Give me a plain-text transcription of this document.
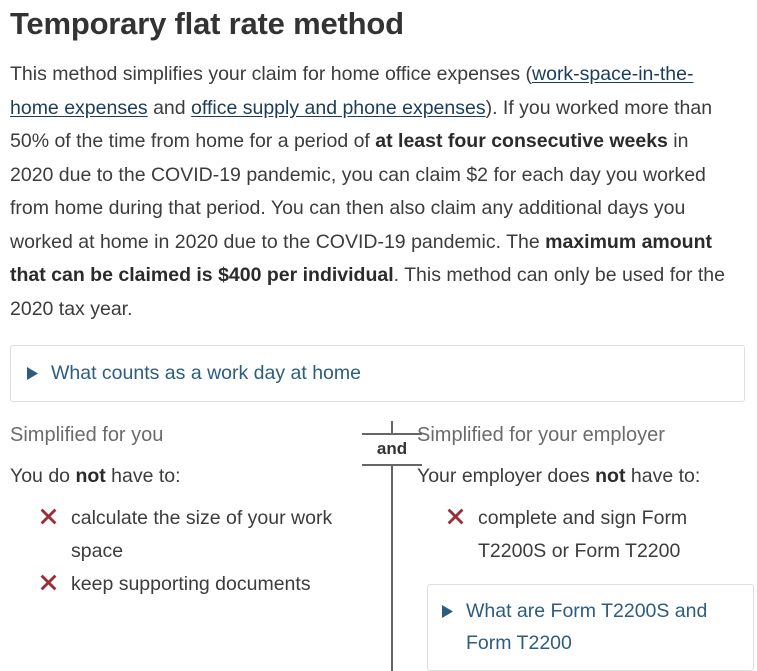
Temporary flat rate method

This method simplifies your claim for home office expenses (work-space-in-the-home expenses and office supply and phone expenses). If you worked more than 50% of the time from home for a period of at least four consecutive weeks in 2020 due to the COVID-19 pandemic, you can claim $2 for each day you worked from home during that period. You can then also claim any additional days you worked at home in 2020 due to the COVID-19 pandemic. The maximum amount that can be claimed is $400 per individual. This method can only be used for the 2020 tax year.

What counts as a work day at home

Simplified for you

You do not have to:

calculate the size of your work space
keep supporting documents
and

Simplified for your employer

Your employer does not have to:

complete and sign Form T2200S or Form T2200
What are Form T2200S and Form T2200
